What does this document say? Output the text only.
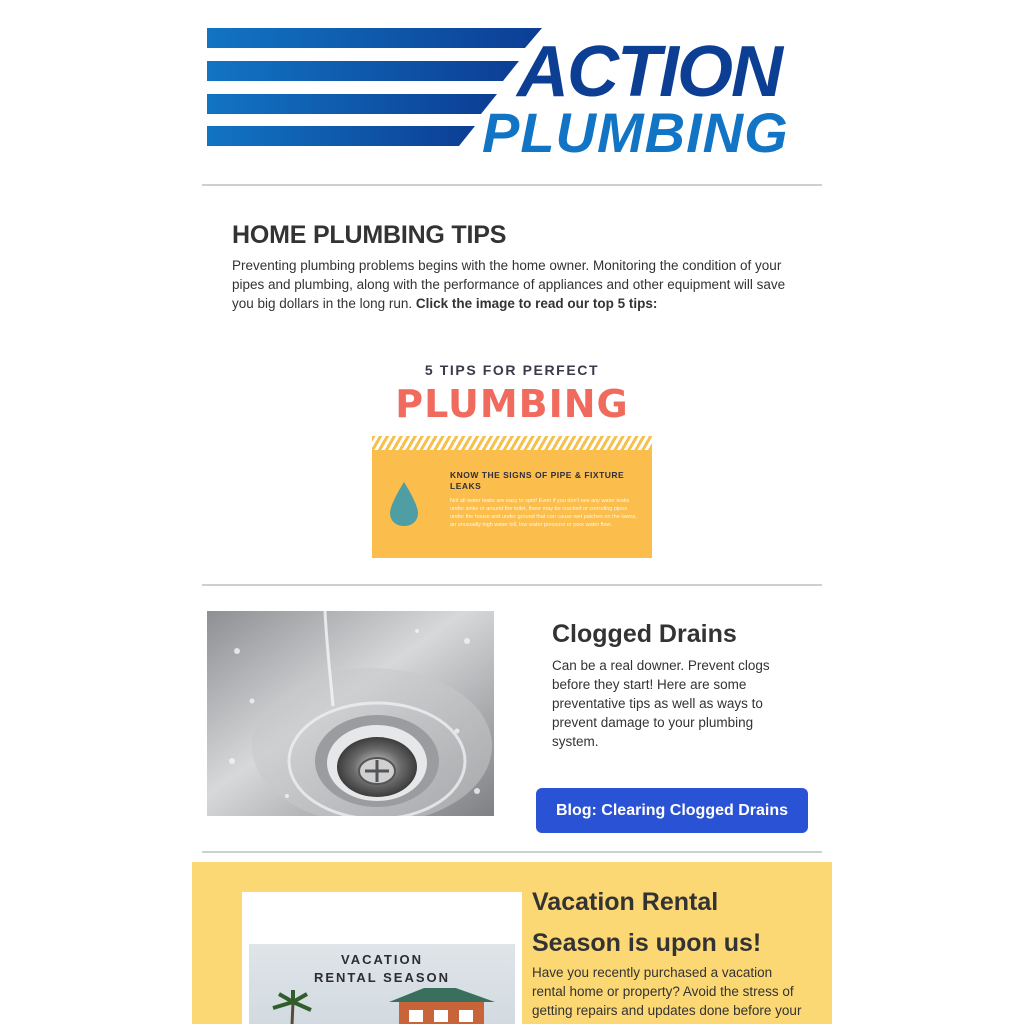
ACTION
PLUMBING
HOME PLUMBING TIPS

Preventing plumbing problems begins with the home owner. Monitoring the condition of your pipes and plumbing, along with the performance of appliances and other equipment will save you big dollars in the long run. Click the image to read our top 5 tips:

5 TIPS FOR PERFECT
PLUMBING
KNOW THE SIGNS OF PIPE & FIXTURE LEAKS
Not all water leaks are easy to spot! Even if you don't see any water leaks under sinks or around the toilet, there may be cracked or corroding pipes under the house and under ground that can cause wet patches on the lawns, an unusually high water bill, low water pressure or poor water flow.
Clogged Drains

Can be a real downer. Prevent clogs before they start! Here are some preventative tips as well as ways to prevent damage to your plumbing system.

Blog: Clearing Clogged Drains
VACATION
RENTAL SEASON
Vacation Rental Season is upon us!

Have you recently purchased a vacation rental home or property? Avoid the stress of getting repairs and updates done before your
